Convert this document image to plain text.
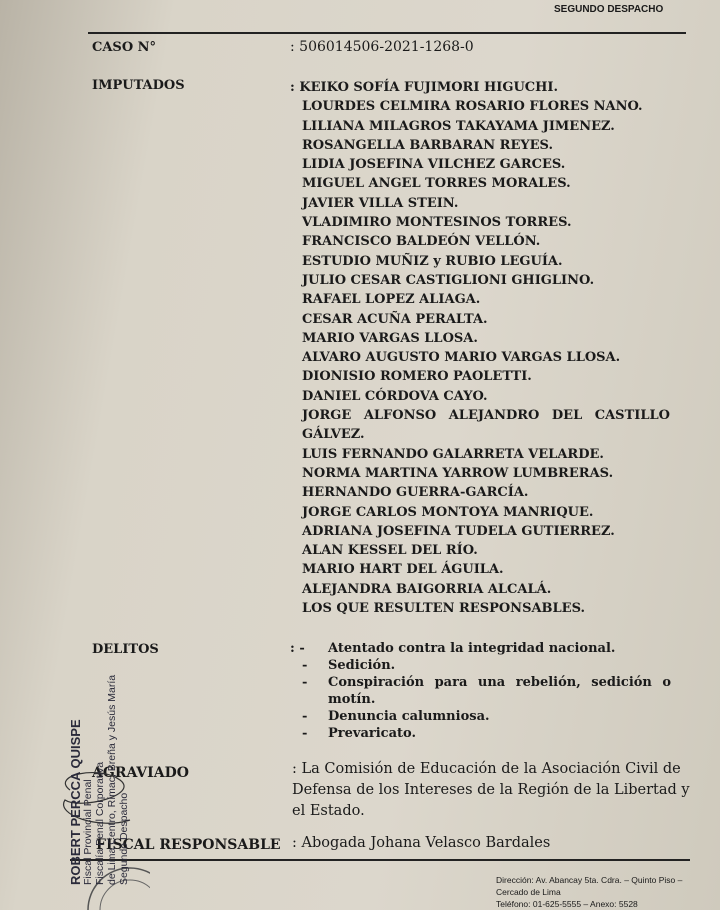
SEGUNDO DESPACHO
CASO N°	: 506014506-2021-1268-0
IMPUTADOS	: KEIKO SOFÍA FUJIMORI HIGUCHI.
LOURDES CELMIRA ROSARIO FLORES NANO.
LILIANA MILAGROS TAKAYAMA JIMENEZ.
ROSANGELLA BARBARAN REYES.
LIDIA JOSEFINA VILCHEZ GARCES.
MIGUEL ANGEL TORRES MORALES.
JAVIER VILLA STEIN.
VLADIMIRO MONTESINOS TORRES.
FRANCISCO BALDEÓN VELLÓN.
ESTUDIO MUÑIZ y RUBIO LEGUÍA.
JULIO CESAR CASTIGLIONI GHIGLINO.
RAFAEL LOPEZ ALIAGA.
CESAR ACUÑA PERALTA.
MARIO VARGAS LLOSA.
ALVARO AUGUSTO MARIO VARGAS LLOSA.
DIONISIO ROMERO PAOLETTI.
DANIEL CÓRDOVA CAYO.
JORGE ALFONSO ALEJANDRO DEL CASTILLO
GÁLVEZ.
LUIS FERNANDO GALARRETA VELARDE.
NORMA MARTINA YARROW LUMBRERAS.
HERNANDO GUERRA-GARCÍA.
JORGE CARLOS MONTOYA MANRIQUE.
ADRIANA JOSEFINA TUDELA GUTIERREZ.
ALAN KESSEL DEL RÍO.
MARIO HART DEL ÁGUILA.
ALEJANDRA BAIGORRIA ALCALÁ.
LOS QUE RESULTEN RESPONSABLES.
DELITOS	: -	Atentado contra la integridad nacional.
-	Sedición.
-	Conspiración para una rebelión, sedición o motín.
-	Denuncia calumniosa.
-	Prevaricato.
AGRAVIADO	: La Comisión de Educación de la Asociación Civil de Defensa de los Intereses de la Región de la Libertad y el Estado.
FISCAL RESPONSABLE : Abogada Johana Velasco Bardales
Dirección: Av. Abancay 5ta. Cdra. – Quinto Piso –
Cercado de Lima
Teléfono: 01-625-5555 – Anexo: 5528
ROBERT PERCCA QUISPE Fiscal Provincial Penal Fiscalía Penal Corporativa de Lima Centro, Rímac, Breña y Jesús María Segundo Despacho
